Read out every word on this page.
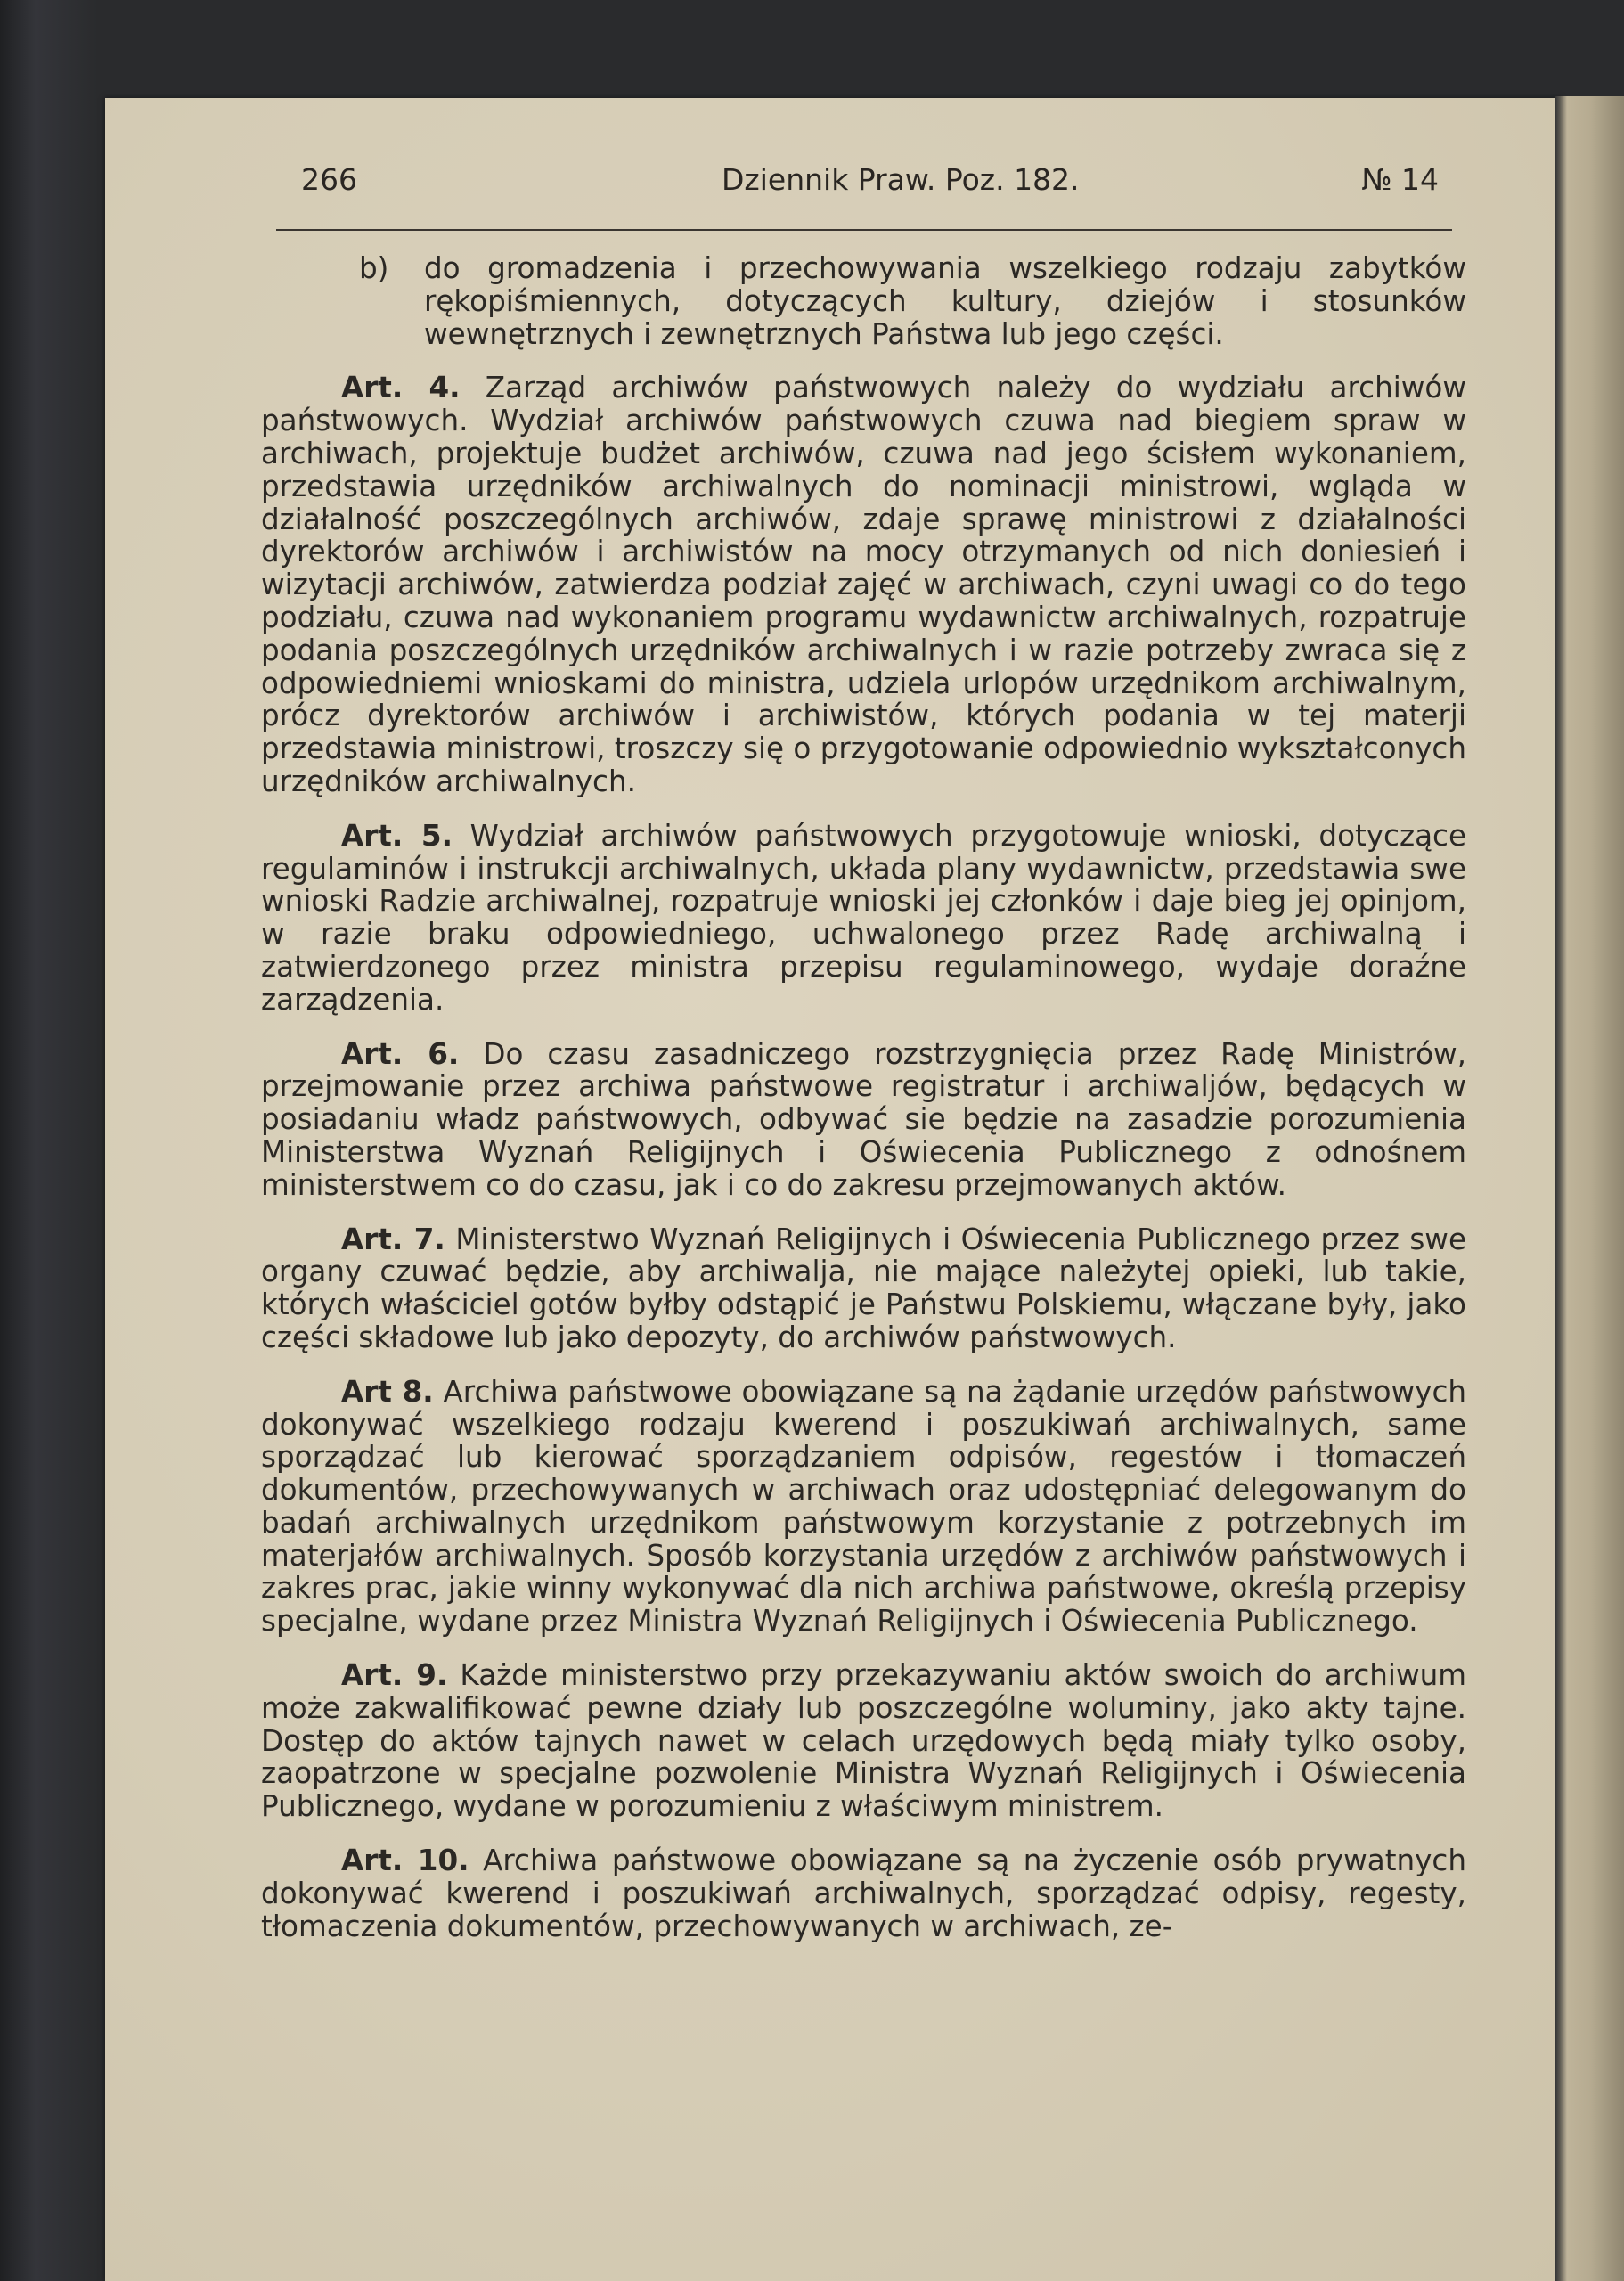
266	Dziennik Praw. Poz. 182.	№ 14
b)	do gromadzenia i przechowywania wszelkiego rodzaju zabytków rękopiśmiennych, dotyczących kultury, dziejów i stosunków wewnętrznych i zewnętrznych Państwa lub jego części.

Art. 4. Zarząd archiwów państwowych należy do wydziału archiwów państwowych. Wydział archiwów państwowych czuwa nad biegiem spraw w archiwach, projektuje budżet archiwów, czuwa nad jego ścisłem wykonaniem, przedstawia urzędników archiwalnych do nominacji ministrowi, wgląda w działalność poszczególnych archiwów, zdaje sprawę ministrowi z działalności dyrektorów archiwów i archiwistów na mocy otrzymanych od nich doniesień i wizytacji archiwów, zatwierdza podział zajęć w archiwach, czyni uwagi co do tego podziału, czuwa nad wykonaniem programu wydawnictw archiwalnych, rozpatruje podania poszczególnych urzędników archiwalnych i w razie potrzeby zwraca się z odpowiedniemi wnioskami do ministra, udziela urlopów urzędnikom archiwalnym, prócz dyrektorów archiwów i archiwistów, których podania w tej materji przedstawia ministrowi, troszczy się o przygotowanie odpowiednio wykształconych urzędników archiwalnych.

Art. 5. Wydział archiwów państwowych przygotowuje wnioski, dotyczące regulaminów i instrukcji archiwalnych, układa plany wydawnictw, przedstawia swe wnioski Radzie archiwalnej, rozpatruje wnioski jej członków i daje bieg jej opinjom, w razie braku odpowiedniego, uchwalonego przez Radę archiwalną i zatwierdzonego przez ministra przepisu regulaminowego, wydaje doraźne zarządzenia.

Art. 6. Do czasu zasadniczego rozstrzygnięcia przez Radę Ministrów, przejmowanie przez archiwa państwowe registratur i archiwaljów, będących w posiadaniu władz państwowych, odbywać sie będzie na zasadzie porozumienia Ministerstwa Wyznań Religijnych i Oświecenia Publicznego z odnośnem ministerstwem co do czasu, jak i co do zakresu przejmowanych aktów.

Art. 7. Ministerstwo Wyznań Religijnych i Oświecenia Publicznego przez swe organy czuwać będzie, aby archiwalja, nie mające należytej opieki, lub takie, których właściciel gotów byłby odstąpić je Państwu Polskiemu, włączane były, jako części składowe lub jako depozyty, do archiwów państwowych.

Art 8. Archiwa państwowe obowiązane są na żądanie urzędów państwowych dokonywać wszelkiego rodzaju kwerend i poszukiwań archiwalnych, same sporządzać lub kierować sporządzaniem odpisów, regestów i tłomaczeń dokumentów, przechowywanych w archiwach oraz udostępniać delegowanym do badań archiwalnych urzędnikom państwowym korzystanie z potrzebnych im materjałów archiwalnych. Sposób korzystania urzędów z archiwów państwowych i zakres prac, jakie winny wykonywać dla nich archiwa państwowe, określą przepisy specjalne, wydane przez Ministra Wyznań Religijnych i Oświecenia Publicznego.

Art. 9. Każde ministerstwo przy przekazywaniu aktów swoich do archiwum może zakwalifikować pewne działy lub poszczególne woluminy, jako akty tajne. Dostęp do aktów tajnych nawet w celach urzędowych będą miały tylko osoby, zaopatrzone w specjalne pozwolenie Ministra Wyznań Religijnych i Oświecenia Publicznego, wydane w porozumieniu z właściwym ministrem.

Art. 10. Archiwa państwowe obowiązane są na życzenie osób prywatnych dokonywać kwerend i poszukiwań archiwalnych, sporządzać odpisy, regesty, tłomaczenia dokumentów, przechowywanych w archiwach, ze-
